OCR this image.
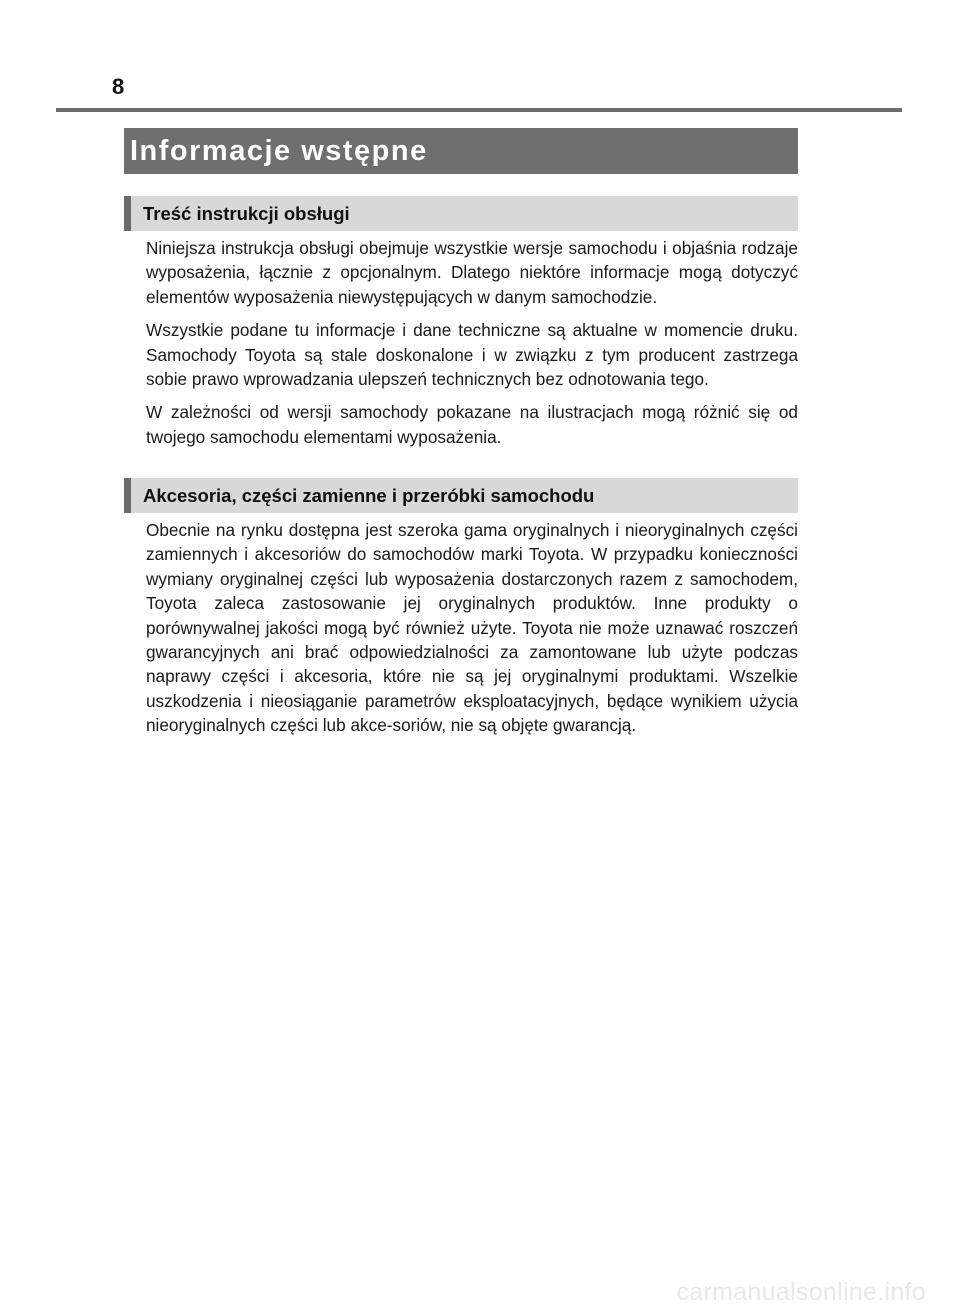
8
Informacje wstępne
Treść instrukcji obsługi

Niniejsza instrukcja obsługi obejmuje wszystkie wersje samochodu i objaśnia rodzaje wyposażenia, łącznie z opcjonalnym. Dlatego niektóre informacje mogą dotyczyć elementów wyposażenia niewystępujących w danym samochodzie.

Wszystkie podane tu informacje i dane techniczne są aktualne w momencie druku. Samochody Toyota są stale doskonalone i w związku z tym producent zastrzega sobie prawo wprowadzania ulepszeń technicznych bez odnotowania tego.

W zależności od wersji samochody pokazane na ilustracjach mogą różnić się od twojego samochodu elementami wyposażenia.

Akcesoria, części zamienne i przeróbki samochodu

Obecnie na rynku dostępna jest szeroka gama oryginalnych i nieoryginalnych części zamiennych i akcesoriów do samochodów marki Toyota. W przypadku konieczności wymiany oryginalnej części lub wyposażenia dostarczonych razem z samochodem, Toyota zaleca zastosowanie jej oryginalnych produktów. Inne produkty o porównywalnej jakości mogą być również użyte. Toyota nie może uznawać roszczeń gwarancyjnych ani brać odpowiedzialności za zamontowane lub użyte podczas naprawy części i akcesoria, które nie są jej oryginalnymi produktami. Wszelkie uszkodzenia i nieosiąganie parametrów eksploatacyjnych, będące wynikiem użycia nieoryginalnych części lub akce-soriów, nie są objęte gwarancją.

carmanualsonline.info
